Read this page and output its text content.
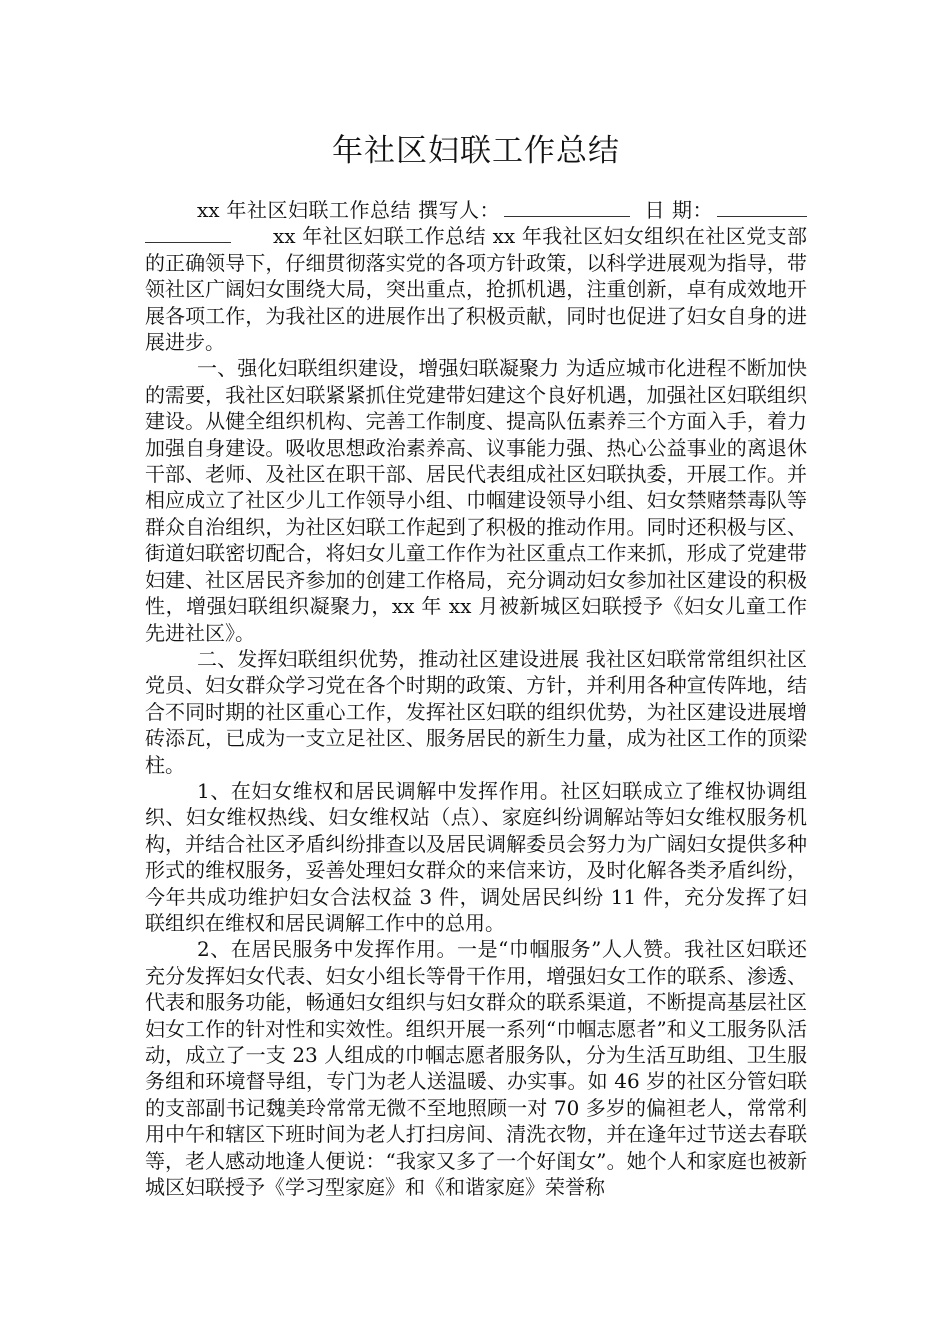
年社区妇联工作总结

xx 年社区妇联工作总结 撰写人：	日 期： xx 年社区妇联工作总结 xx 年我社区妇女组织在社区党支部的正确领导下，仔细贯彻落实党的各项方针政策，以科学进展观为指导，带领社区广阔妇女围绕大局，突出重点，抢抓机遇，注重创新，卓有成效地开展各项工作，为我社区的进展作出了积极贡献，同时也促进了妇女自身的进展进步。

一、强化妇联组织建设，增强妇联凝聚力 为适应城市化进程不断加快的需要，我社区妇联紧紧抓住党建带妇建这个良好机遇，加强社区妇联组织建设。从健全组织机构、完善工作制度、提高队伍素养三个方面入手，着力加强自身建设。吸收思想政治素养高、议事能力强、热心公益事业的离退休干部、老师、及社区在职干部、居民代表组成社区妇联执委，开展工作。并相应成立了社区少儿工作领导小组、巾帼建设领导小组、妇女禁赌禁毒队等群众自治组织，为社区妇联工作起到了积极的推动作用。同时还积极与区、街道妇联密切配合，将妇女儿童工作作为社区重点工作来抓，形成了党建带妇建、社区居民齐参加的创建工作格局，充分调动妇女参加社区建设的积极性，增强妇联组织凝聚力，xx 年 xx 月被新城区妇联授予《妇女儿童工作先进社区》。

二、发挥妇联组织优势，推动社区建设进展 我社区妇联常常组织社区党员、妇女群众学习党在各个时期的政策、方针，并利用各种宣传阵地，结合不同时期的社区重心工作，发挥社区妇联的组织优势，为社区建设进展增砖添瓦，已成为一支立足社区、服务居民的新生力量，成为社区工作的顶梁柱。

1、在妇女维权和居民调解中发挥作用。社区妇联成立了维权协调组织、妇女维权热线、妇女维权站（点）、家庭纠纷调解站等妇女维权服务机构，并结合社区矛盾纠纷排查以及居民调解委员会努力为广阔妇女提供多种形式的维权服务，妥善处理妇女群众的来信来访，及时化解各类矛盾纠纷，今年共成功维护妇女合法权益 3 件，调处居民纠纷 11 件，充分发挥了妇联组织在维权和居民调解工作中的总用。

2、在居民服务中发挥作用。一是“巾帼服务”人人赞。我社区妇联还充分发挥妇女代表、妇女小组长等骨干作用，增强妇女工作的联系、渗透、代表和服务功能，畅通妇女组织与妇女群众的联系渠道，不断提高基层社区妇女工作的针对性和实效性。组织开展一系列“巾帼志愿者”和义工服务队活动，成立了一支 23 人组成的巾帼志愿者服务队，分为生活互助组、卫生服务组和环境督导组，专门为老人送温暖、办实事。如 46 岁的社区分管妇联的支部副书记魏美玲常常无微不至地照顾一对 70 多岁的偏袒老人，常常利用中午和辖区下班时间为老人打扫房间、清洗衣物，并在逢年过节送去春联等，老人感动地逢人便说：“我家又多了一个好闺女”。她个人和家庭也被新城区妇联授予《学习型家庭》和《和谐家庭》荣誉称
